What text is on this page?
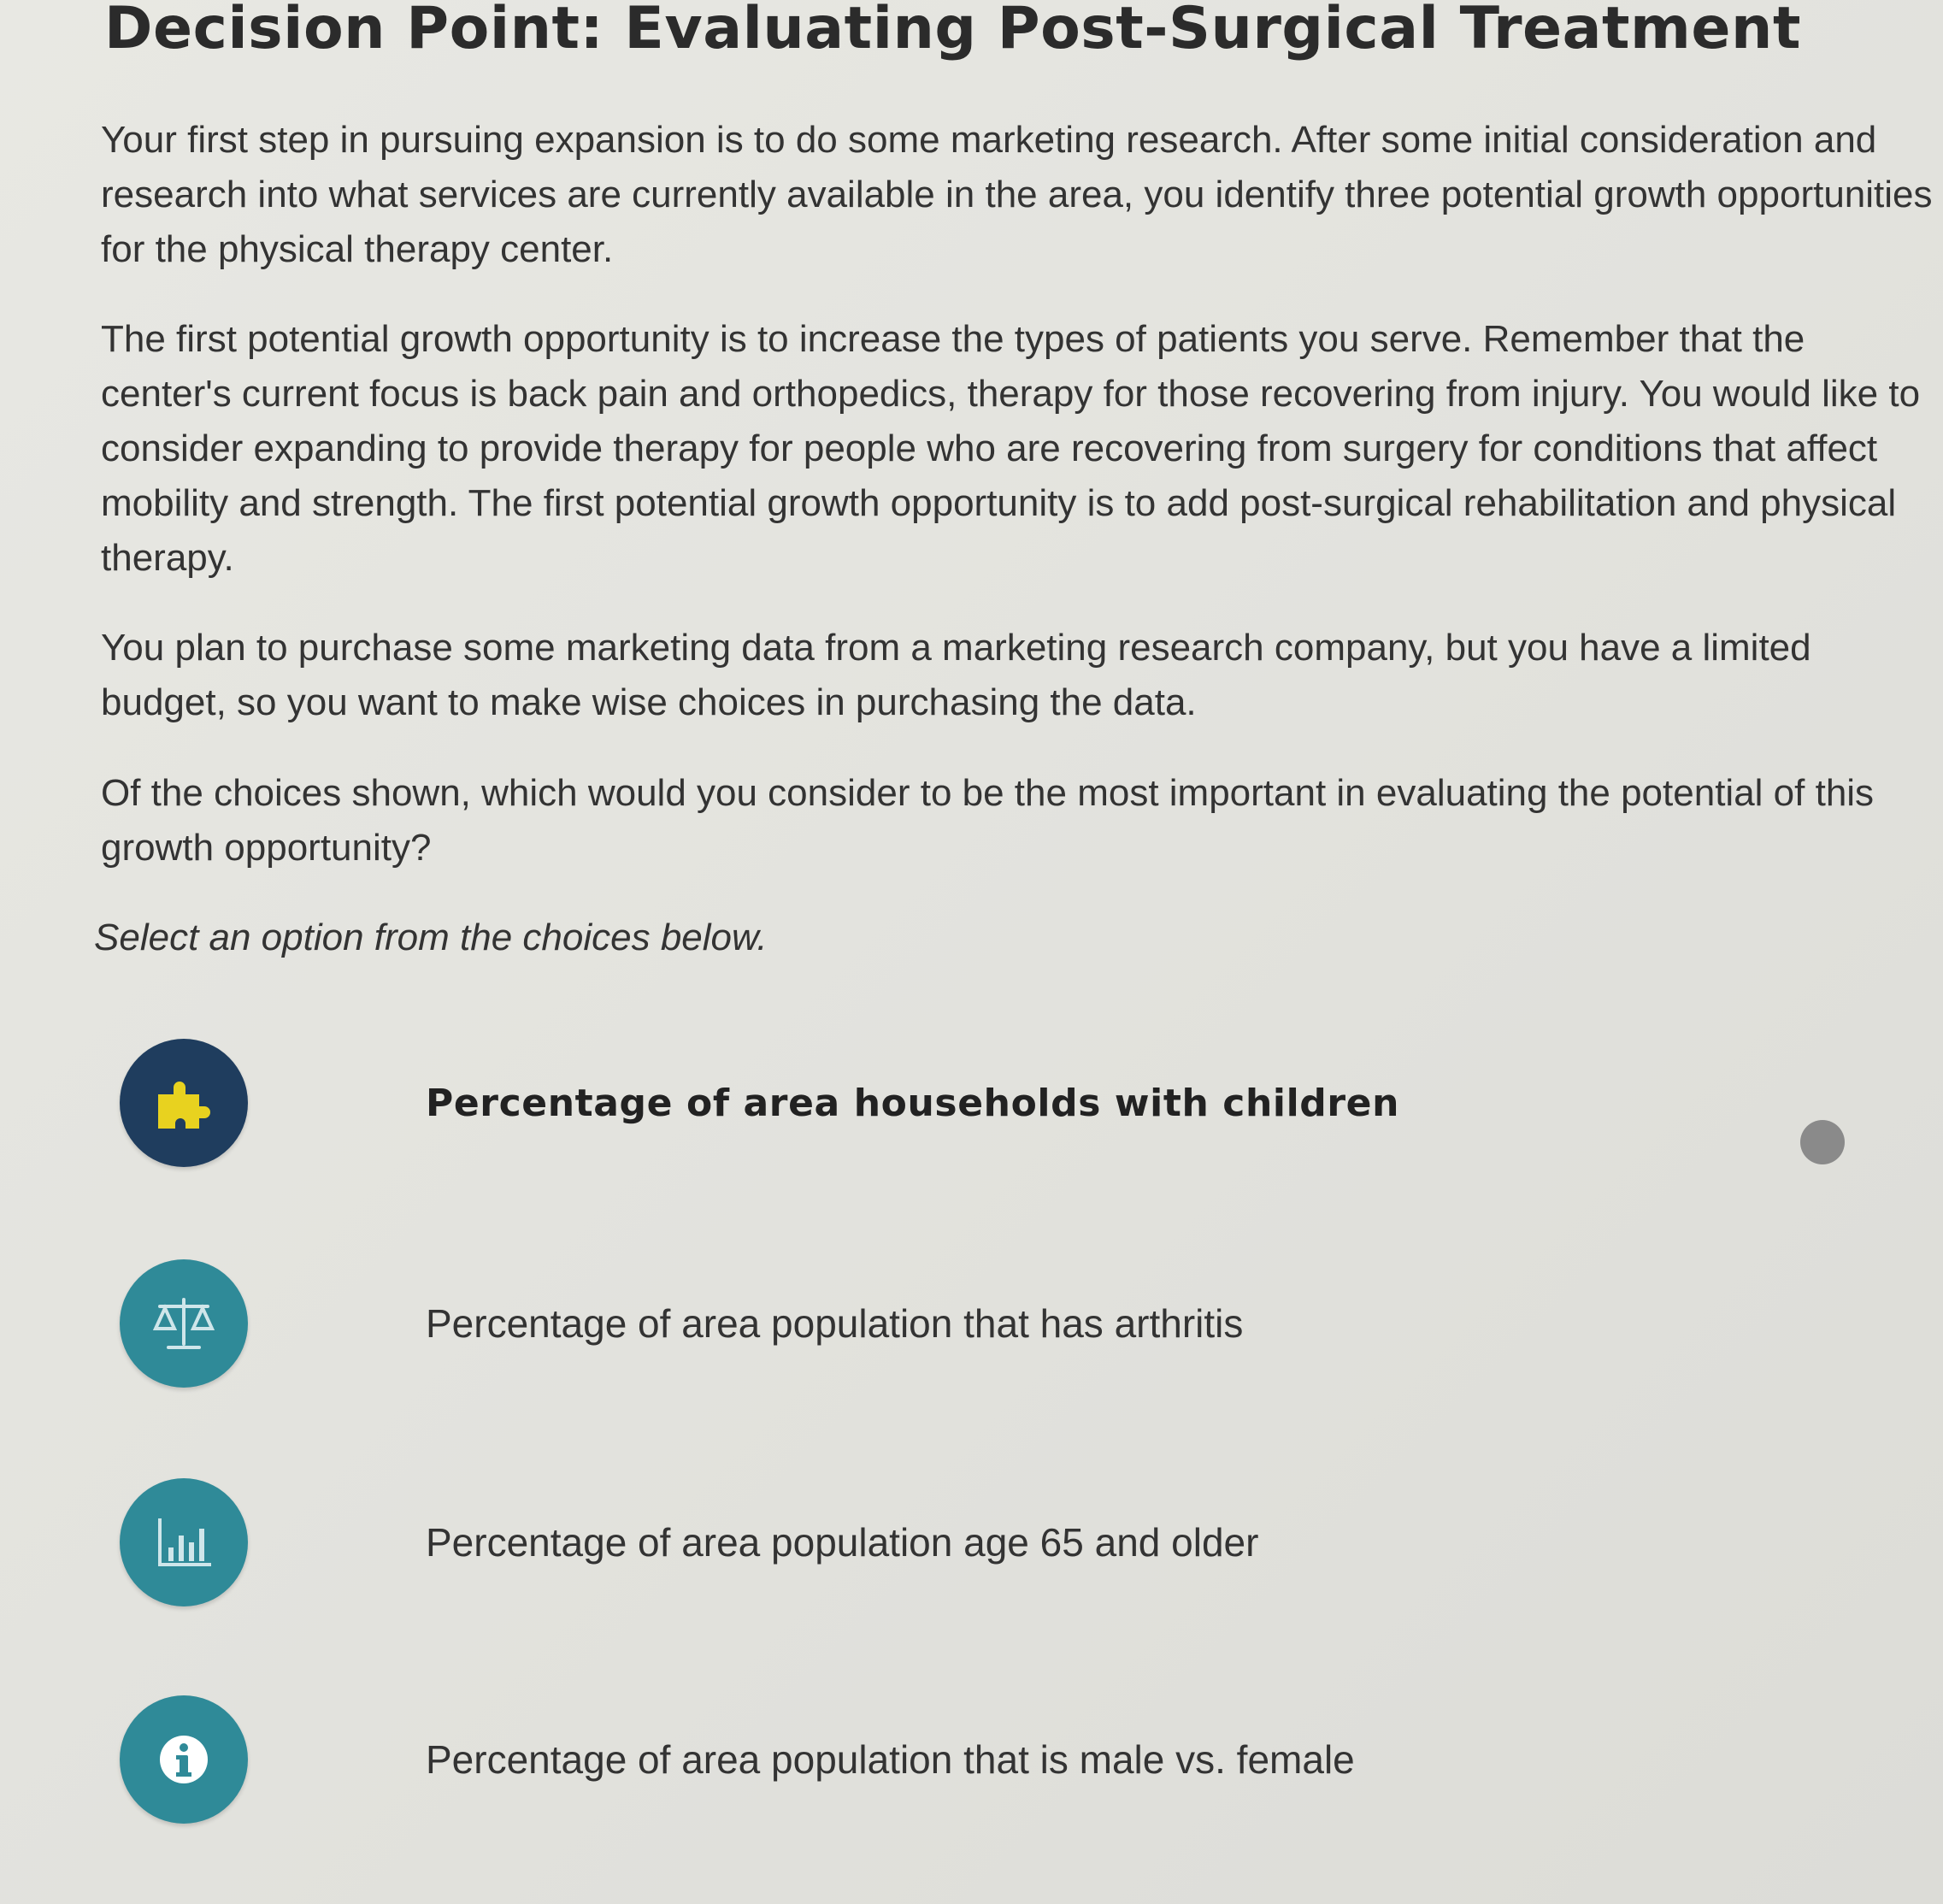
Decision Point: Evaluating Post-Surgical Treatment

Your first step in pursuing expansion is to do some marketing research. After some initial consideration and research into what services are currently available in the area, you identify three potential growth opportunities for the physical therapy center.

The first potential growth opportunity is to increase the types of patients you serve. Remember that the center's current focus is back pain and orthopedics, therapy for those recovering from injury. You would like to consider expanding to provide therapy for people who are recovering from surgery for conditions that affect mobility and strength. The first potential growth opportunity is to add post-surgical rehabilitation and physical therapy.

You plan to purchase some marketing data from a marketing research company, but you have a limited budget, so you want to make wise choices in purchasing the data.

Of the choices shown, which would you consider to be the most important in evaluating the potential of this growth opportunity?

Select an option from the choices below.

Percentage of area households with children
Percentage of area population that has arthritis
Percentage of area population age 65 and older
Percentage of area population that is male vs. female
